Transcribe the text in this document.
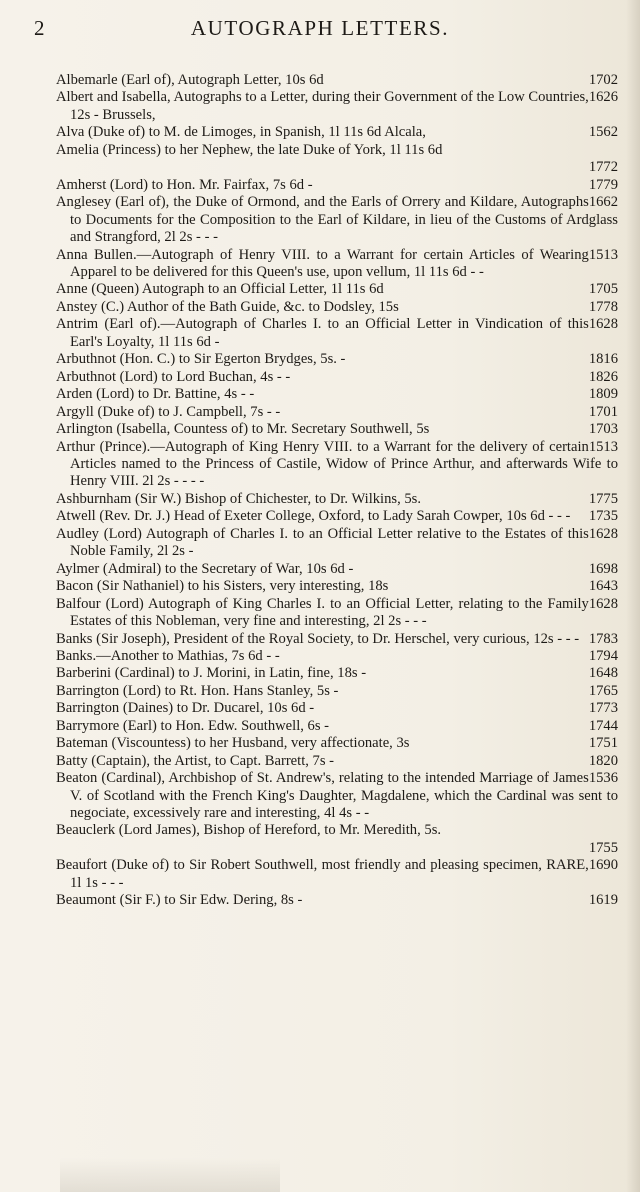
2	AUTOGRAPH LETTERS.
1702
Albemarle (Earl of), Autograph Letter, 10s 6d
1626
Albert and Isabella, Autographs to a Letter, during their Government of the Low Countries, 12s - Brussels,
1562
Alva (Duke of) to M. de Limoges, in Spanish, 1l 11s 6d Alcala,
Amelia (Princess) to her Nephew, the late Duke of York, 1l 11s 6d
1772
1779
Amherst (Lord) to Hon. Mr. Fairfax, 7s 6d -
1662
Anglesey (Earl of), the Duke of Ormond, and the Earls of Orrery and Kildare, Autographs to Documents for the Composition to the Earl of Kildare, in lieu of the Customs of Ardglass and Strangford, 2l 2s - - -
1513
Anna Bullen.—Autograph of Henry VIII. to a Warrant for certain Articles of Wearing Apparel to be delivered for this Queen's use, upon vellum, 1l 11s 6d - -
1705
Anne (Queen) Autograph to an Official Letter, 1l 11s 6d
1778
Anstey (C.) Author of the Bath Guide, &c. to Dodsley, 15s
1628
Antrim (Earl of).—Autograph of Charles I. to an Official Letter in Vindication of this Earl's Loyalty, 1l 11s 6d -
1816
Arbuthnot (Hon. C.) to Sir Egerton Brydges, 5s. -
1826
Arbuthnot (Lord) to Lord Buchan, 4s - -
1809
Arden (Lord) to Dr. Battine, 4s - -
1701
Argyll (Duke of) to J. Campbell, 7s - -
1703
Arlington (Isabella, Countess of) to Mr. Secretary Southwell, 5s
1513
Arthur (Prince).—Autograph of King Henry VIII. to a Warrant for the delivery of certain Articles named to the Princess of Castile, Widow of Prince Arthur, and afterwards Wife to Henry VIII. 2l 2s - - - -
1775
Ashburnham (Sir W.) Bishop of Chichester, to Dr. Wilkins, 5s.
1735
Atwell (Rev. Dr. J.) Head of Exeter College, Oxford, to Lady Sarah Cowper, 10s 6d - - -
1628
Audley (Lord) Autograph of Charles I. to an Official Letter relative to the Estates of this Noble Family, 2l 2s -
1698
Aylmer (Admiral) to the Secretary of War, 10s 6d -
1643
Bacon (Sir Nathaniel) to his Sisters, very interesting, 18s
1628
Balfour (Lord) Autograph of King Charles I. to an Official Letter, relating to the Family Estates of this Nobleman, very fine and interesting, 2l 2s - - -
1783
Banks (Sir Joseph), President of the Royal Society, to Dr. Herschel, very curious, 12s - - -
1794
Banks.—Another to Mathias, 7s 6d - -
1648
Barberini (Cardinal) to J. Morini, in Latin, fine, 18s -
1765
Barrington (Lord) to Rt. Hon. Hans Stanley, 5s -
1773
Barrington (Daines) to Dr. Ducarel, 10s 6d -
1744
Barrymore (Earl) to Hon. Edw. Southwell, 6s -
1751
Bateman (Viscountess) to her Husband, very affectionate, 3s
1820
Batty (Captain), the Artist, to Capt. Barrett, 7s -
1536
Beaton (Cardinal), Archbishop of St. Andrew's, relating to the intended Marriage of James V. of Scotland with the French King's Daughter, Magdalene, which the Cardinal was sent to negociate, excessively rare and interesting, 4l 4s - -
Beauclerk (Lord James), Bishop of Hereford, to Mr. Meredith, 5s.
1755
1690
Beaufort (Duke of) to Sir Robert Southwell, most friendly and pleasing specimen, RARE, 1l 1s - - -
1619
Beaumont (Sir F.) to Sir Edw. Dering, 8s -
